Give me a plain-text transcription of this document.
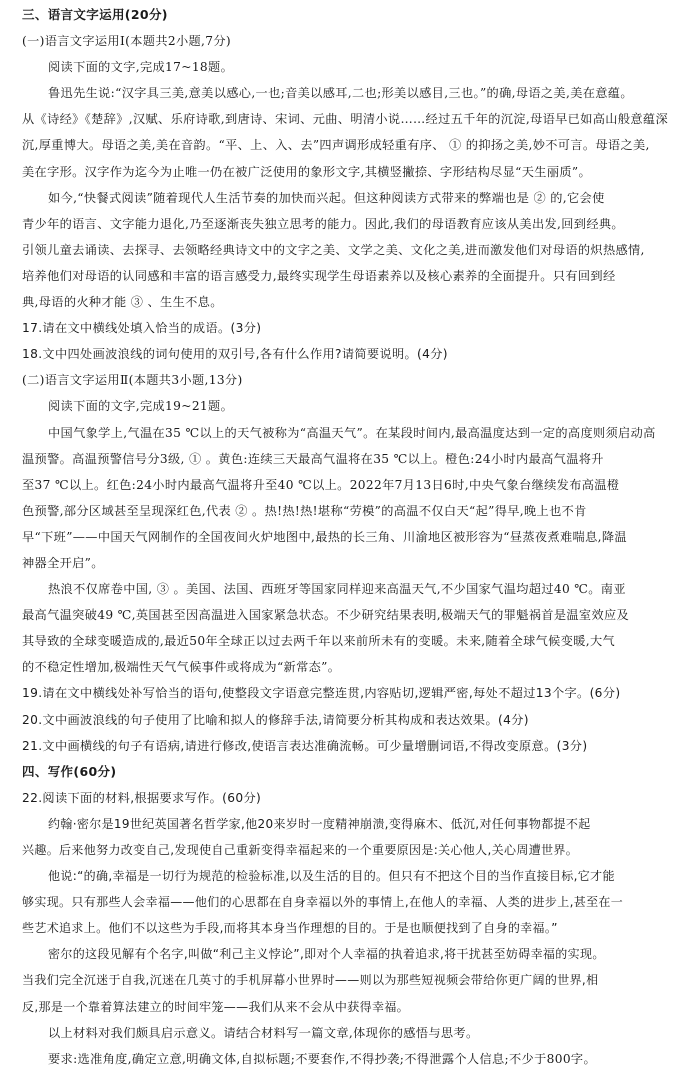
三、语言文字运用(20分)
(一)语言文字运用Ⅰ(本题共2小题,7分)
阅读下面的文字,完成17~18题。
鲁迅先生说:“汉字具三美,意美以感心,一也;音美以感耳,二也;形美以感目,三也。”的确,母语之美,美在意蕴。
从《诗经》《楚辞》,汉赋、乐府诗歌,到唐诗、宋词、元曲、明清小说……经过五千年的沉淀,母语早已如高山般意蕴深
沉,厚重博大。母语之美,美在音韵。“平、上、入、去”四声调形成轻重有序、 ① 的抑扬之美,妙不可言。母语之美,
美在字形。汉字作为迄今为止唯一仍在被广泛使用的象形文字,其横竖撇捺、字形结构尽显“天生丽质”。
如今,“快餐式阅读”随着现代人生活节奏的加快而兴起。但这种阅读方式带来的弊端也是 ② 的,它会使
青少年的语言、文字能力退化,乃至逐渐丧失独立思考的能力。因此,我们的母语教育应该从美出发,回到经典。
引领儿童去诵读、去探寻、去领略经典诗文中的文字之美、文学之美、文化之美,进而激发他们对母语的炽热感情,
培养他们对母语的认同感和丰富的语言感受力,最终实现学生母语素养以及核心素养的全面提升。只有回到经
典,母语的火种才能 ③ 、生生不息。
17.请在文中横线处填入恰当的成语。(3分)
18.文中四处画波浪线的词句使用的双引号,各有什么作用?请简要说明。(4分)
(二)语言文字运用Ⅱ(本题共3小题,13分)
阅读下面的文字,完成19~21题。
中国气象学上,气温在35 ℃以上的天气被称为“高温天气”。在某段时间内,最高温度达到一定的高度则须启动高
温预警。高温预警信号分3级, ① 。黄色:连续三天最高气温将在35 ℃以上。橙色:24小时内最高气温将升
至37 ℃以上。红色:24小时内最高气温将升至40 ℃以上。2022年7月13日6时,中央气象台继续发布高温橙
色预警,部分区域甚至呈现深红色,代表 ② 。热!热!热!堪称“劳模”的高温不仅白天“起”得早,晚上也不肯
早“下班”——中国天气网制作的全国夜间火炉地图中,最热的长三角、川渝地区被形容为“昼蒸夜煮难喘息,降温
神器全开启”。
热浪不仅席卷中国, ③ 。美国、法国、西班牙等国家同样迎来高温天气,不少国家气温均超过40 ℃。南亚
最高气温突破49 ℃,英国甚至因高温进入国家紧急状态。不少研究结果表明,极端天气的罪魁祸首是温室效应及
其导致的全球变暖造成的,最近50年全球正以过去两千年以来前所未有的变暖。未来,随着全球气候变暖,大气
的不稳定性增加,极端性天气气候事件或将成为“新常态”。
19.请在文中横线处补写恰当的语句,使整段文字语意完整连贯,内容贴切,逻辑严密,每处不超过13个字。(6分)
20.文中画波浪线的句子使用了比喻和拟人的修辞手法,请简要分析其构成和表达效果。(4分)
21.文中画横线的句子有语病,请进行修改,使语言表达准确流畅。可少量增删词语,不得改变原意。(3分)
四、写作(60分)
22.阅读下面的材料,根据要求写作。(60分)
约翰·密尔是19世纪英国著名哲学家,他20来岁时一度精神崩溃,变得麻木、低沉,对任何事物都提不起
兴趣。后来他努力改变自己,发现使自己重新变得幸福起来的一个重要原因是:关心他人,关心周遭世界。
他说:“的确,幸福是一切行为规范的检验标准,以及生活的目的。但只有不把这个目的当作直接目标,它才能
够实现。只有那些人会幸福——他们的心思都在自身幸福以外的事情上,在他人的幸福、人类的进步上,甚至在一
些艺术追求上。他们不以这些为手段,而将其本身当作理想的目的。于是也顺便找到了自身的幸福。”
密尔的这段见解有个名字,叫做“利己主义悖论”,即对个人幸福的执着追求,将干扰甚至妨碍幸福的实现。
当我们完全沉迷于自我,沉迷在几英寸的手机屏幕小世界时——则以为那些短视频会带给你更广阔的世界,相
反,那是一个靠着算法建立的时间牢笼——我们从来不会从中获得幸福。
以上材料对我们颇具启示意义。请结合材料写一篇文章,体现你的感悟与思考。
要求:选准角度,确定立意,明确文体,自拟标题;不要套作,不得抄袭;不得泄露个人信息;不少于800字。
